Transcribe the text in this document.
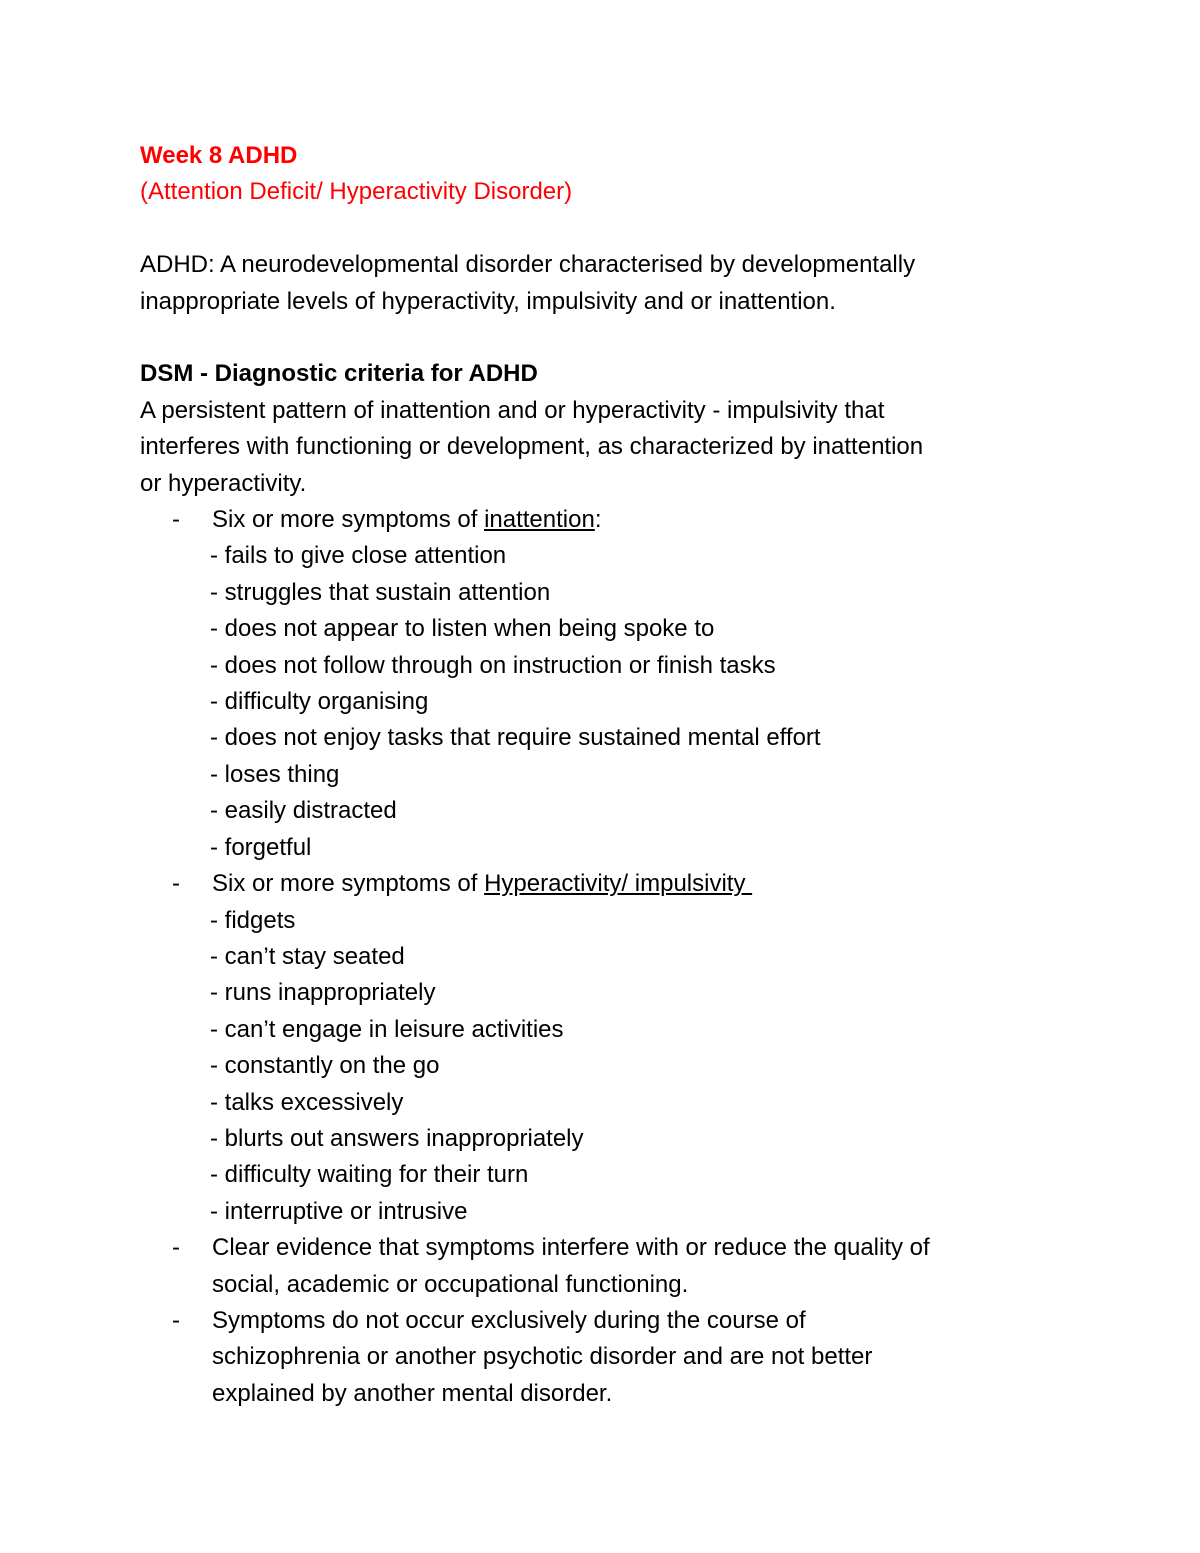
Week 8 ADHD
(Attention Deficit/ Hyperactivity Disorder)
ADHD: A neurodevelopmental disorder characterised by developmentally
inappropriate levels of hyperactivity, impulsivity and or inattention.
DSM - Diagnostic criteria for ADHD
A persistent pattern of inattention and or hyperactivity - impulsivity that
interferes with functioning or development, as characterized by inattention
or hyperactivity.
- Six or more symptoms of inattention:
- fails to give close attention
- struggles that sustain attention
- does not appear to listen when being spoke to
- does not follow through on instruction or finish tasks
- difficulty organising
- does not enjoy tasks that require sustained mental effort
- loses thing
- easily distracted
- forgetful
- Six or more symptoms of Hyperactivity/ impulsivity
- fidgets
- can’t stay seated
- runs inappropriately
- can’t engage in leisure activities
- constantly on the go
- talks excessively
- blurts out answers inappropriately
- difficulty waiting for their turn
- interruptive or intrusive
- Clear evidence that symptoms interfere with or reduce the quality of
social, academic or occupational functioning.
- Symptoms do not occur exclusively during the course of
schizophrenia or another psychotic disorder and are not better
explained by another mental disorder.
